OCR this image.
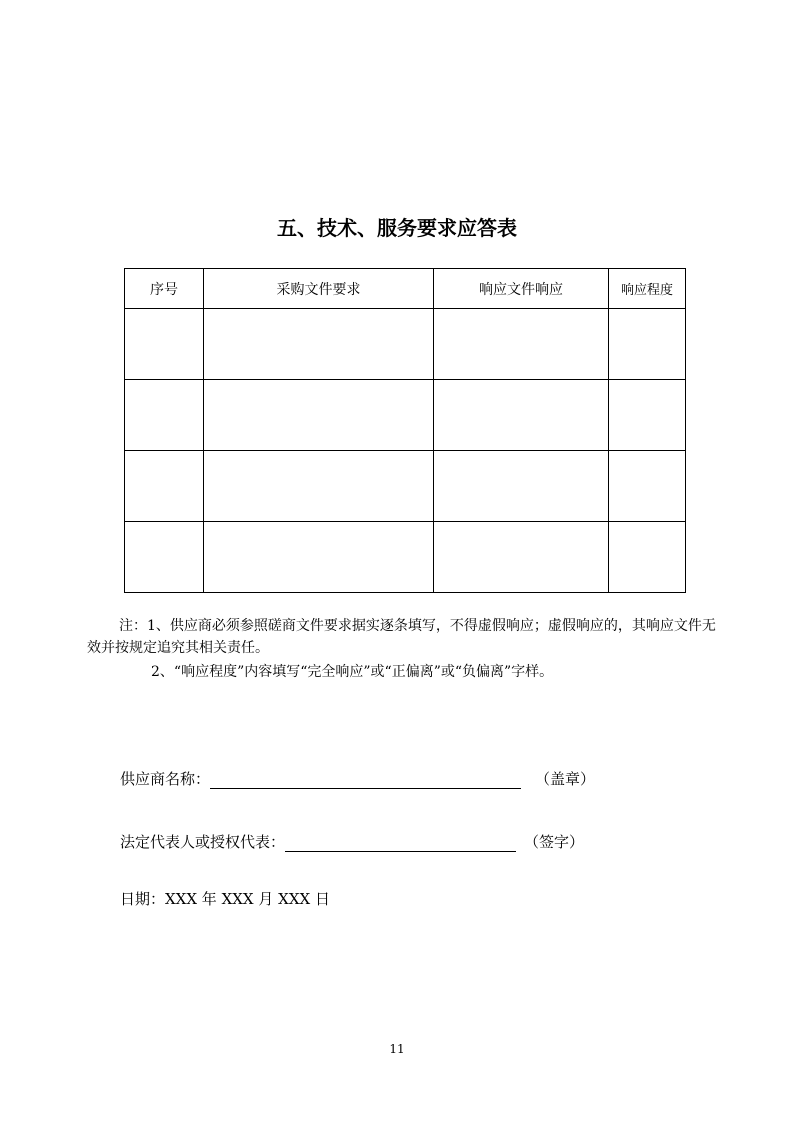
五、技术、服务要求应答表
序号	采购文件要求	响应文件响应	响应程度

注：1、供应商必须参照磋商文件要求据实逐条填写，不得虚假响应；虚假响应的，其响应文件无效并按规定追究其相关责任。
2、“响应程度”内容填写“完全响应”或“正偏离”或“负偏离”字样。
供应商名称：	（盖章）
法定代表人或授权代表：	（签字）
日期：XXX 年 XXX 月 XXX 日
11
